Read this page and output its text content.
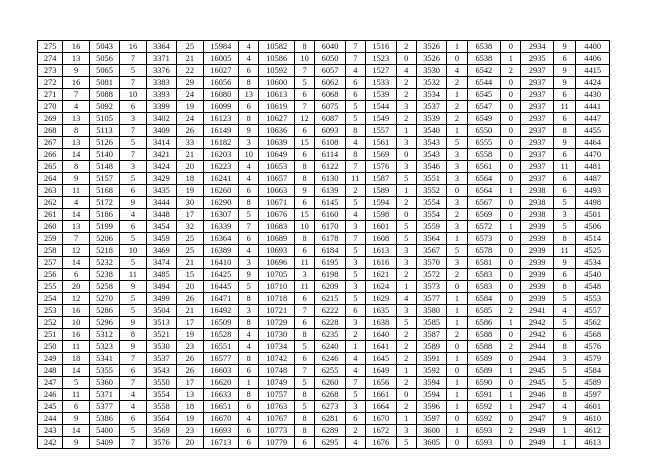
275	16	5043	16	3364	25	15984	4	10582	8	6040	7	1516	2	3526	1	6538	0	2934	9	4400
274	13	5056	7	3371	21	16005	4	10586	10	6050	7	1523	0	3526	0	6538	1	2935	6	4406
273	9	5065	5	3376	22	16027	6	10592	7	6057	4	1527	4	3530	4	6542	2	2937	9	4415
272	16	5081	7	3383	29	16056	8	10600	5	6062	6	1533	2	3532	2	6544	0	2937	9	4424
271	7	5088	10	3393	24	16080	13	10613	6	6068	6	1539	2	3534	1	6545	0	2937	6	4430
270	4	5092	6	3399	19	16099	6	10619	7	6075	5	1544	3	3537	2	6547	0	2937	11	4441
269	13	5105	3	3402	24	16123	8	10627	12	6087	5	1549	2	3539	2	6549	0	2937	6	4447
268	8	5113	7	3409	26	16149	9	10636	6	6093	8	1557	1	3540	1	6550	0	2937	8	4455
267	13	5126	5	3414	33	16182	3	10639	15	6108	4	1561	3	3543	5	6555	0	2937	9	4464
266	14	5140	7	3421	21	16203	10	10649	6	6114	8	1569	0	3543	3	6558	0	2937	6	4470
265	8	5148	3	3424	20	16223	4	10653	8	6122	7	1576	3	3546	3	6561	0	2937	11	4481
264	9	5157	5	3429	18	16241	4	10657	8	6130	11	1587	5	3551	3	6564	0	2937	6	4487
263	11	5168	6	3435	19	16260	6	10663	9	6139	2	1589	1	3552	0	6564	1	2938	6	4493
262	4	5172	9	3444	30	16290	8	10671	6	6145	5	1594	2	3554	3	6567	0	2938	5	4498
261	14	5186	4	3448	17	16307	5	10676	15	6160	4	1598	0	3554	2	6569	0	2938	3	4501
260	13	5199	6	3454	32	16339	7	10683	10	6170	3	1601	5	3559	3	6572	1	2939	5	4506
259	7	5206	5	3459	25	16364	6	10689	8	6178	7	1608	5	3564	1	6573	0	2939	8	4514
258	12	5218	10	3469	25	16389	4	10693	6	6184	5	1613	3	3567	5	6578	0	2939	11	4525
257	14	5232	5	3474	21	16410	3	10696	11	6195	3	1616	3	3570	3	6581	0	2939	9	4534
256	6	5238	11	3485	15	16425	9	10705	3	6198	5	1621	2	3572	2	6583	0	2939	6	4540
255	20	5258	9	3494	20	16445	5	10710	11	6209	3	1624	1	3573	0	6583	0	2939	8	4548
254	12	5270	5	3499	26	16471	8	10718	6	6215	5	1629	4	3577	1	6584	0	2939	5	4553
253	16	5286	5	3504	21	16492	3	10721	7	6222	6	1635	3	3580	1	6585	2	2941	4	4557
252	10	5296	9	3513	17	16509	8	10729	6	6228	3	1638	5	3585	1	6586	1	2942	5	4562
251	16	5312	8	3521	19	16528	4	10730	8	6235	2	1640	2	3587	2	6588	0	2942	6	4568
250	11	5323	9	3530	23	16551	4	10734	5	6240	1	1641	2	3589	0	6588	2	2944	8	4576
249	18	5341	7	3537	26	16577	8	10742	6	6246	4	1645	2	3591	1	6589	0	2944	3	4579
248	14	5355	6	3543	26	16603	6	10748	7	6255	4	1649	1	3592	0	6589	1	2945	5	4584
247	5	5360	7	3550	17	16620	1	10749	5	6260	7	1656	2	3594	1	6590	0	2945	5	4589
246	11	5371	4	3554	13	16633	8	10757	8	6268	5	1661	0	3594	1	6591	1	2946	8	4597
245	6	5377	4	3558	18	16651	6	10763	5	6273	3	1664	2	3596	1	6592	1	2947	4	4601
244	9	5386	6	3564	19	16670	4	10767	8	6281	6	1670	1	3597	0	6592	0	2947	9	4610
243	14	5400	5	3569	23	16693	6	10773	8	6289	2	1672	3	3600	1	6593	2	2949	1	4612
242	9	5409	7	3576	20	16713	6	10779	6	6295	4	1676	5	3605	0	6593	0	2949	1	4613
